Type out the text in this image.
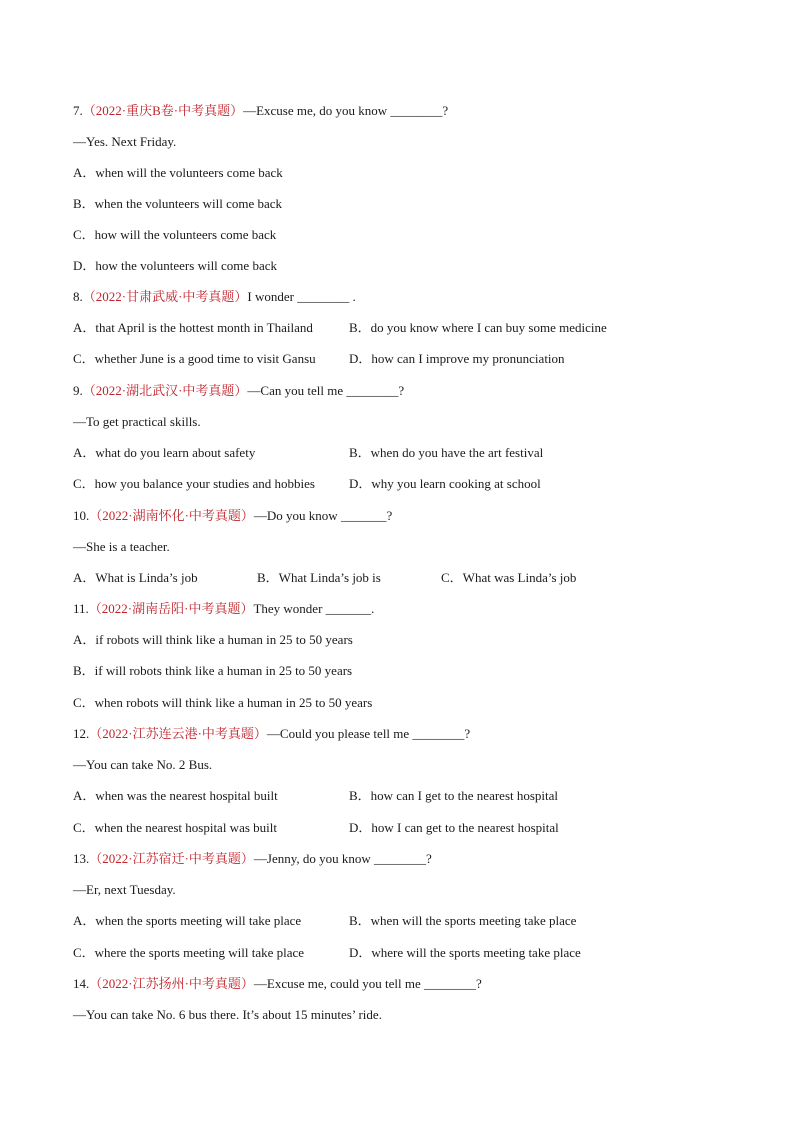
7.（2022·重庆B卷·中考真题）—Excuse me, do you know ________?
—Yes. Next Friday.
A．when will the volunteers come back
B．when the volunteers will come back
C．how will the volunteers come back
D．how the volunteers will come back
8.（2022·甘肃武威·中考真题）I wonder ________ .
A．that April is the hottest month in Thailand	B．do you know where I can buy some medicine
C．whether June is a good time to visit Gansu	D．how can I improve my pronunciation
9.（2022·湖北武汉·中考真题）—Can you tell me ________?
—To get practical skills.
A．what do you learn about safety	B．when do you have the art festival
C．how you balance your studies and hobbies	D．why you learn cooking at school
10.（2022·湖南怀化·中考真题）—Do you know _______?
—She is a teacher.
A．What is Linda’s job	B．What Linda’s job is	C．What was Linda’s job
11.（2022·湖南岳阳·中考真题）They wonder _______.
A．if robots will think like a human in 25 to 50 years
B．if will robots think like a human in 25 to 50 years
C．when robots will think like a human in 25 to 50 years
12.（2022·江苏连云港·中考真题）—Could you please tell me ________?
—You can take No. 2 Bus.
A．when was the nearest hospital built	B．how can I get to the nearest hospital
C．when the nearest hospital was built	D．how I can get to the nearest hospital
13.（2022·江苏宿迁·中考真题）—Jenny, do you know ________?
—Er, next Tuesday.
A．when the sports meeting will take place	B．when will the sports meeting take place
C．where the sports meeting will take place	D．where will the sports meeting take place
14.（2022·江苏扬州·中考真题）—Excuse me, could you tell me ________?
—You can take No. 6 bus there. It’s about 15 minutes’ ride.
